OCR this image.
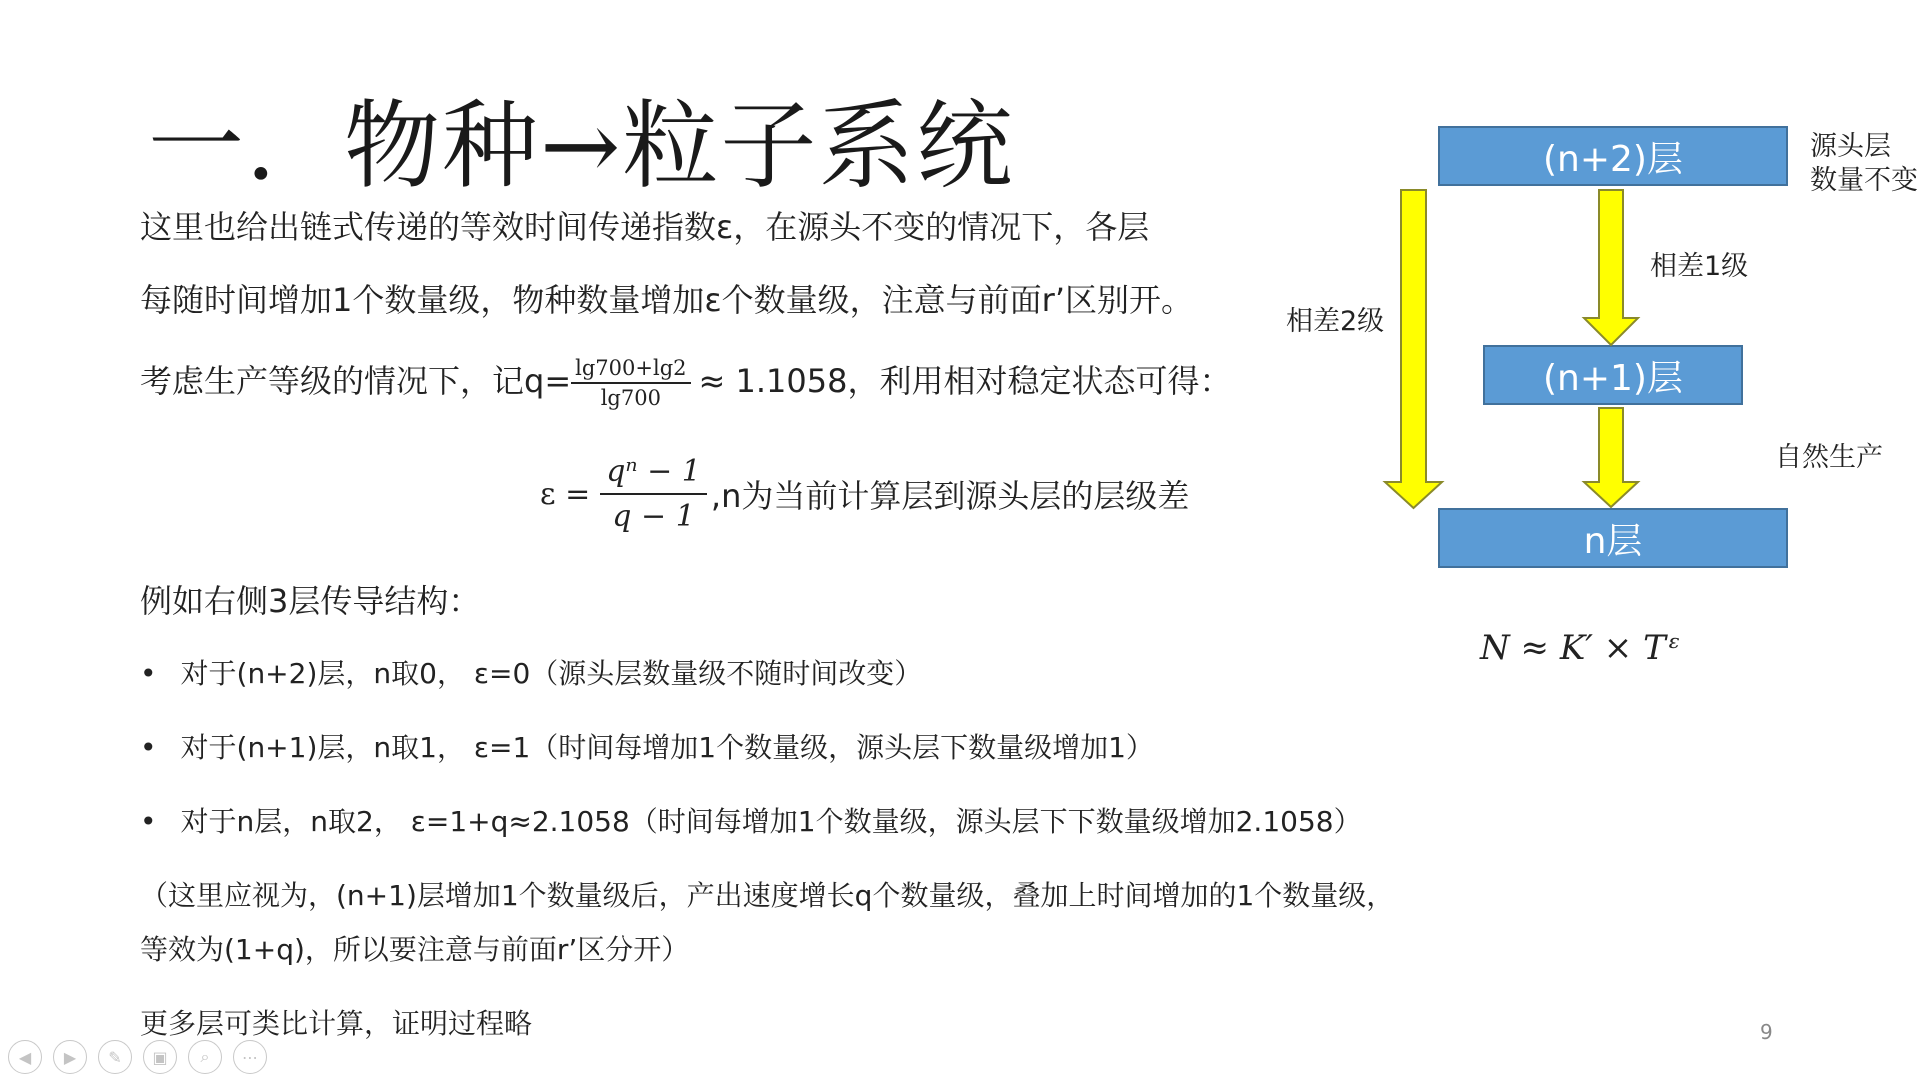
一．物种→粒子系统
这里也给出链式传递的等效时间传递指数ε，在源头不变的情况下，各层
每随时间增加1个数量级，物种数量增加ε个数量级，注意与前面r’区别开。
考虑生产等级的情况下，记$q= \frac{\lg 700+\lg 2}{\lg 700} \approx 1.1058$，利用相对稳定状态可得：
$\varepsilon = \frac{\text{qⁿ − 1}}{q - 1} ,n$为当前计算层到源头层的层级差
例如右侧3层传导结构：
• 对于(n+2)层，n取0， ε=0（源头层数量级不随时间改变）
• 对于(n+1)层，n取1， ε=1（时间每增加1个数量级，源头层下数量级增加1）
• 对于n层，n取2， ε=1+q≈2.1058（时间每增加1个数量级，源头层下下数量级增加2.1058）
（这里应视为，(n+1)层增加1个数量级后，产出速度增长q个数量级，叠加上时间增加的1个数量级，
等效为(1+q)，所以要注意与前面r’区分开）
更多层可类比计算，证明过程略
(n+2)层
(n+1)层
n层
源头层
数量不变
相差1级
相差2级
自然生产
N ≈ K′ × Tᵋ
9
◀	▶	✎	▣	⌕	⋯
